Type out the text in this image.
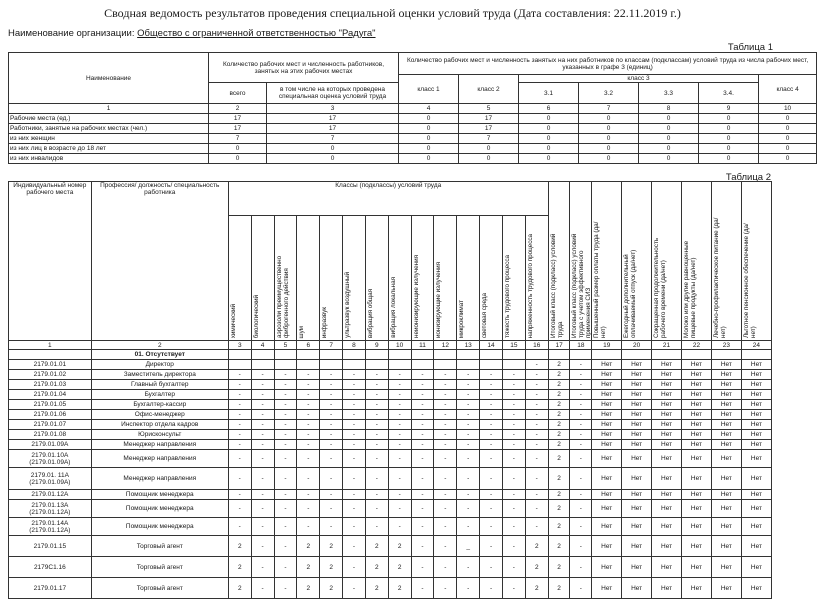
Сводная ведомость результатов проведения специальной оценки условий труда (Дата составления: 22.11.2019 г.)
Наименование организации: Общество с ограниченной ответственностью "Радуга"
Таблица 1
Наименование	Количество рабочих мест и численность работников, занятых на этих рабочих местах		Количество рабочих мест и численность занятых на них работников по классам (подклассам) условий труда из числа рабочих мест, указанных в графе 3 (единиц)							
			класс 1	класс 2	класс 3				класс 4	
	всего	в том числе на которых проведена специальная оценка условий труда			3.1	3.2	3.3	3.4.		
1	2	3	4	5	6	7	8	9	10	
Рабочие места (ед.)	17	17	0	17	0	0	0	0	0	
Работники, занятые на рабочих местах (чел.)	17	17	0	17	0	0	0	0	0	
из них женщин	7	7	0	7	0	0	0	0	0	
из них лиц в возрасте до 18 лет	0	0	0	0	0	0	0	0	0	
из них инвалидов	0	0	0	0	0	0	0	0	0	
Таблица 2
Индивидуальный номер рабочего места	Профессия/ должность/ специальность работника	Классы (подклассы) условий труда														Итоговый класс (подкласс) условий труда	Итоговый класс (подкласс) условий труда с учетом эффективного применения СИЗ	Повышенный размер оплаты труда (да/нет)	Ежегодный дополнительный оплачиваемый отпуск (да/нет)	Сокращенная продолжительность рабочего времени (да/нет)	Молоко или другие равноценные пищевые продукты (да/нет)	Лечебно-профилактическое питание (да/нет)	Льготное пенсионное обеспечение (да/нет)
		химический	биологический	аэрозоли преимущественно фиброгенного действия	шум	инфразвук	ультразвук воздушный	вибрация общая	вибрация локальная	неионизирующие излучения	ионизирующие излучения	микроклимат	световая среда	тяжесть трудового процесса	напряженность трудового процесса								
1	2	3	4	5	6	7	8	9	10	11	12	13	14	15	16	17	18	19	20	21	22	23	24
	01. Отсутствует																						
2179.01.01	Директор														-	2	-	Нет	Нет	Нет	Нет	Нет	Нет
2179.01.02	Заместитель директора	-	-	-	-	-	-	-	-	-	-	-	-	-	-	2	-	Нет	Нет	Нет	Нет	Нет	Нет
2179.01.03	Главный бухгалтер	-	-	-	-	-	-	-	-	-	-	-	-	-	-	2	-	Нет	Нет	Нет	Нет	Нет	Нет
2179.01.04	Бухгалтер	-	-	-	-	-	-	-	-	-	-	-	-	-	-	2	-	Нет	Нет	Нет	Нет	Нет	Нет
2179.01.05	Бухгалтер-кассир	-	-	-	-	-	-	-	-	-	-	-	-	-	-	2	-	Нет	Нет	Нет	Нет	Нет	Нет
2179.01.06	Офис-менеджер	-	-	-	-	-	-	-	-	-	-	-	-	-	-	2	-	Нет	Нет	Нет	Нет	Нет	Нет
2179.01.07	Инспектор отдела кадров	-	-	-	-	-	-	-	-	-	-	-	-	-	-	2	-	Нет	Нет	Нет	Нет	Нет	Нет
2179.01.08	Юрисконсульт	-	-	-	-	-	-	-	-	-	-	-	-	-	-	2	-	Нет	Нет	Нет	Нет	Нет	Нет
2179.01.09А	Менеджер направления	-	-	-	-	-	-	-	-	-	-	-	-	-	-	2	-	Нет	Нет	Нет	Нет	Нет	Нет
2179.01.10А (2179.01.09А)	Менеджер направления	-	-	-	-	-	-	-	-	-	-	-	-	-	-	2	-	Нет	Нет	Нет	Нет	Нет	Нет
2179.01. 11А (2179.01.09А)	Менеджер направления	-	-	-	-	-	-	-	-	-	-	-	-	-	-	2	-	Нет	Нет	Нет	Нет	Нет	Нет
2179.01.12А	Помощник менеджера	-	-	-	-	-	-	-	-	-	-	-	-	-	-	2	-	Нет	Нет	Нет	Нет	Нет	Нет
2179.01.13А (2179.01.12А)	Помощник менеджера	-	-	-	-	-	-	-	-	-	-	-	-	-	-	2	-	Нет	Нет	Нет	Нет	Нет	Нет
2179.01.14А (2179.01.12А)	Помощник менеджера	-	-	-	-	-	-	-	-	-	-	-	-	-	-	2	-	Нет	Нет	Нет	Нет	Нет	Нет
2179.01.15	Торговый агент	2	-	-	2	2	-	2	2	-	-	_	-	-	2	2	-	Нет	Нет	Нет	Нет	Нет	Нет
2179С1.16	Торговый агент	2	-	-	2	2	-	2	2	-	-	-	-	-	2	2	-	Нет	Нет	Нет	Нет	Нет	Нет
2179.01.17	Торговый агент	2	-	-	2	2	-	2	2	-	-	-	-	-	2	2	-	Нет	Нет	Нет	Нет	Нет	Нет
